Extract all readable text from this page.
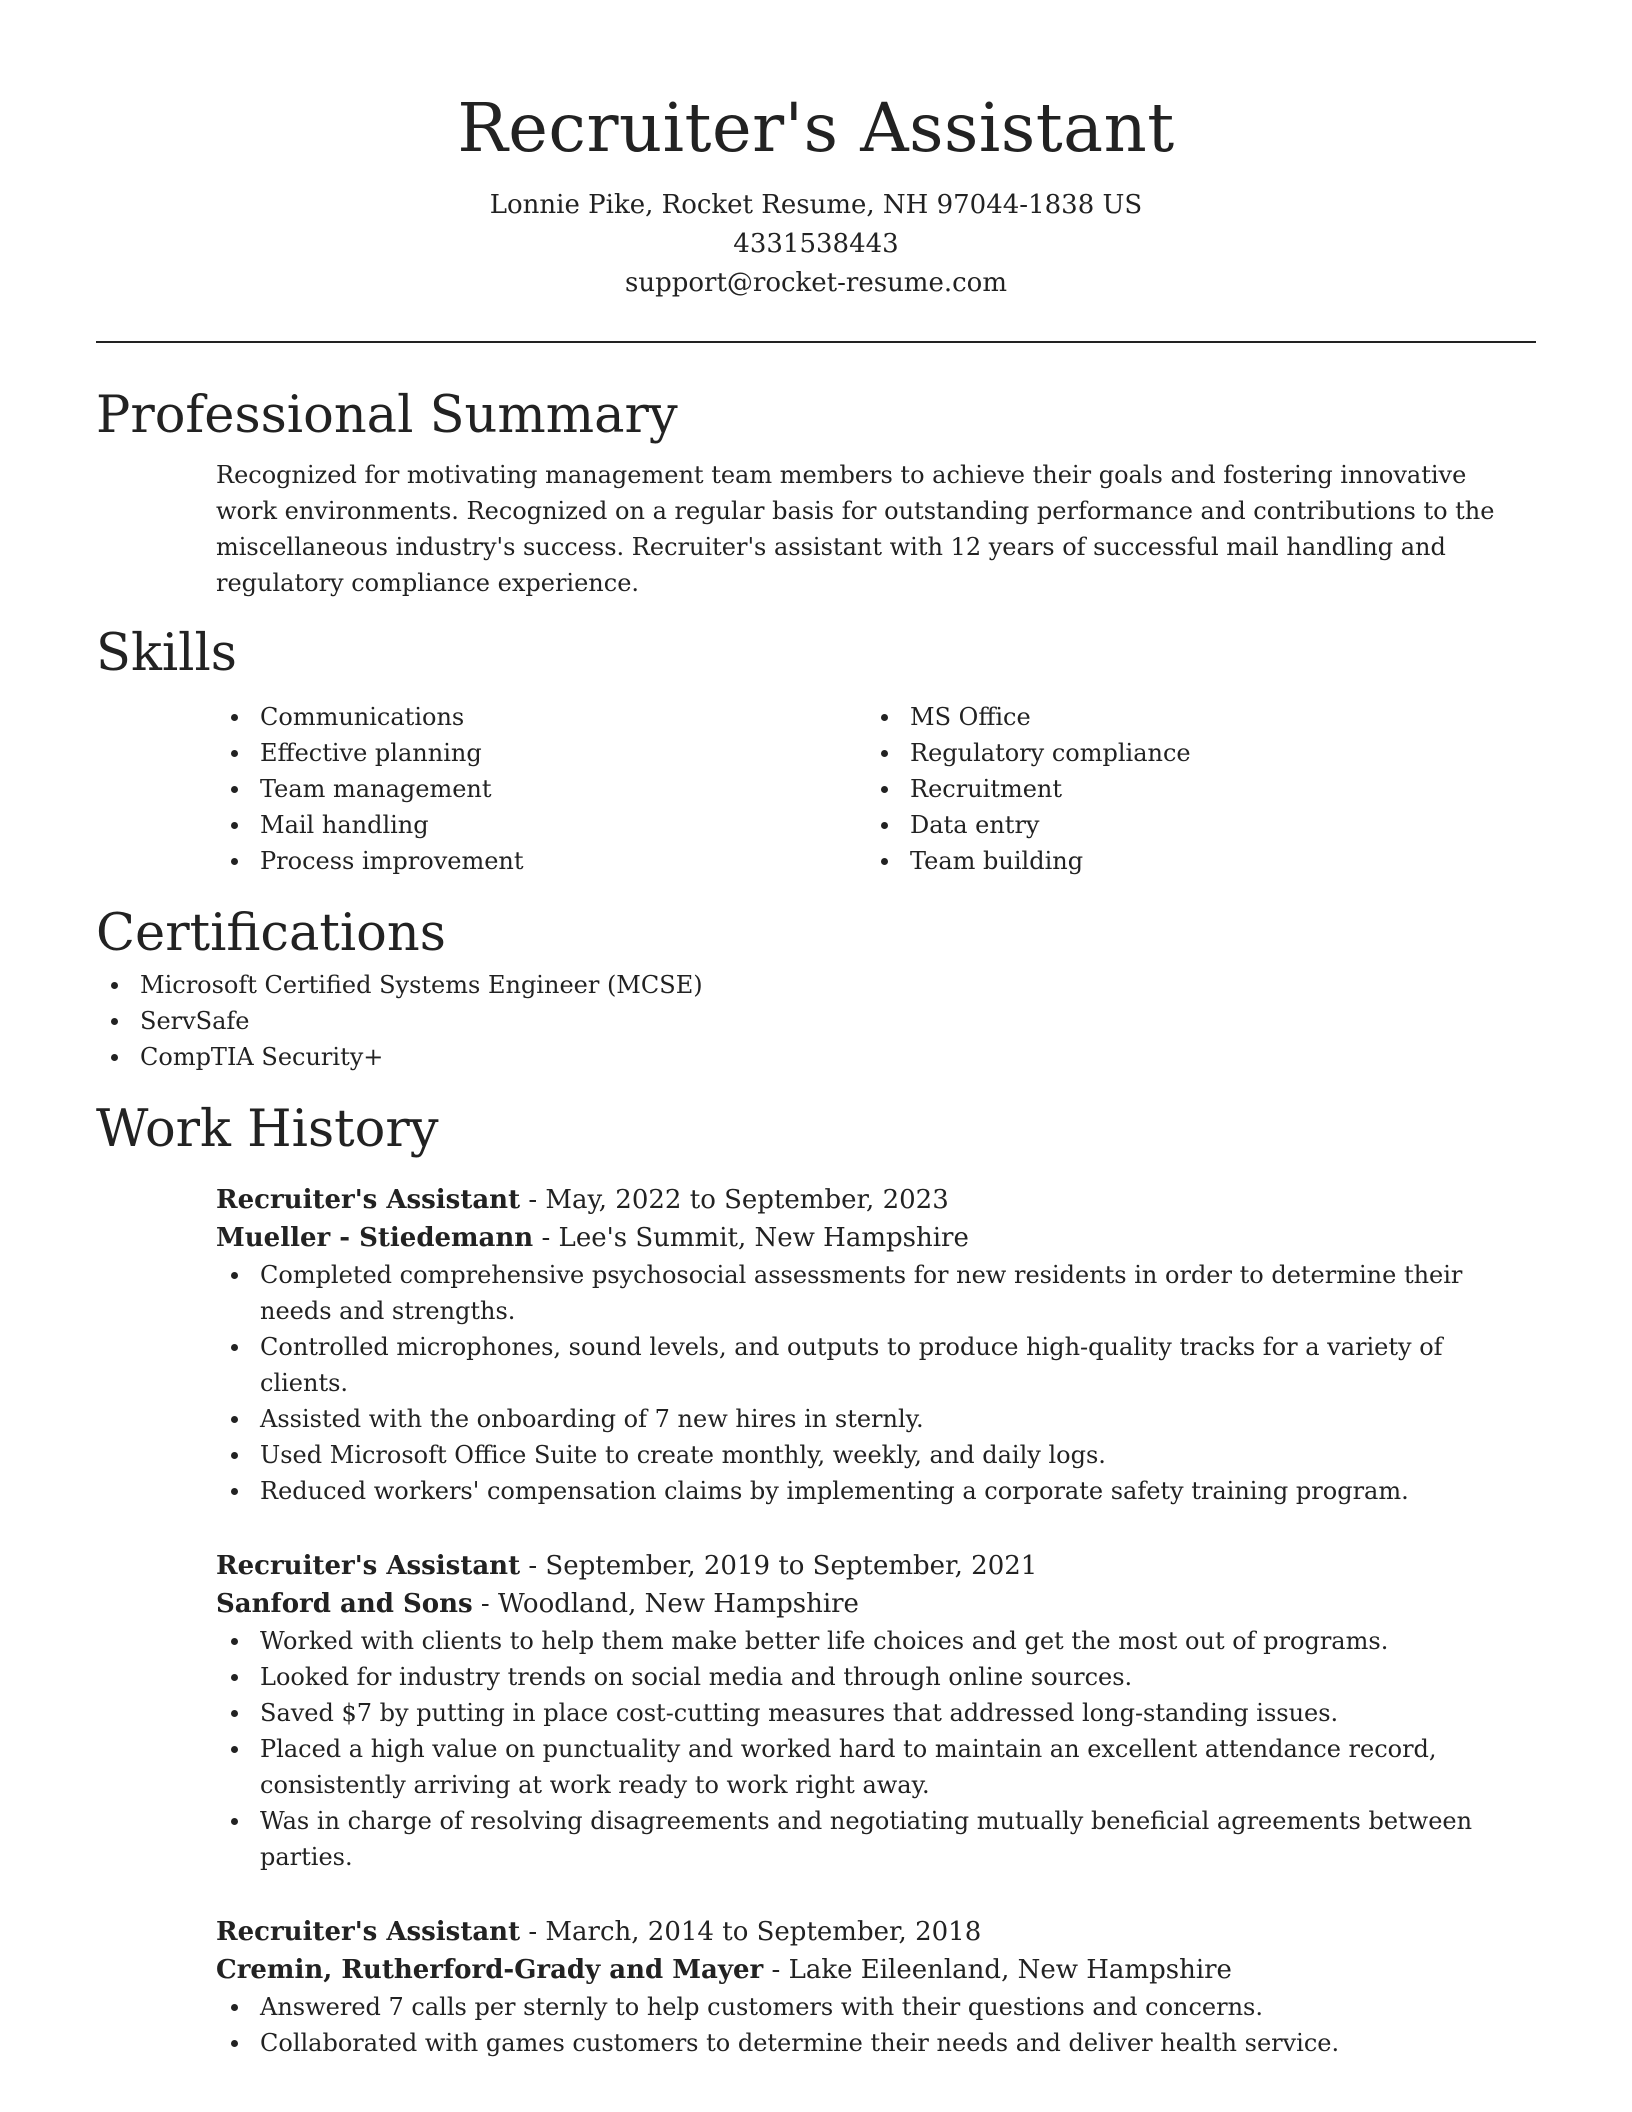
Recruiter's Assistant
Lonnie Pike, Rocket Resume, NH 97044-1838 US
4331538443
support@rocket-resume.com
Professional Summary

Recognized for motivating management team members to achieve their goals and fostering innovative work environments. Recognized on a regular basis for outstanding performance and contributions to the miscellaneous industry's success. Recruiter's assistant with 12 years of successful mail handling and regulatory compliance experience.

Skills
Communications
Effective planning
Team management
Mail handling
Process improvement
MS Office
Regulatory compliance
Recruitment
Data entry
Team building
Certifications
Microsoft Certified Systems Engineer (MCSE)
ServSafe
CompTIA Security+
Work History
Recruiter's Assistant - May, 2022 to September, 2023
Mueller - Stiedemann - Lee's Summit, New Hampshire
Completed comprehensive psychosocial assessments for new residents in order to determine their needs and strengths.
Controlled microphones, sound levels, and outputs to produce high-quality tracks for a variety of clients.
Assisted with the onboarding of 7 new hires in sternly.
Used Microsoft Office Suite to create monthly, weekly, and daily logs.
Reduced workers' compensation claims by implementing a corporate safety training program.
Recruiter's Assistant - September, 2019 to September, 2021
Sanford and Sons - Woodland, New Hampshire
Worked with clients to help them make better life choices and get the most out of programs.
Looked for industry trends on social media and through online sources.
Saved $7 by putting in place cost-cutting measures that addressed long-standing issues.
Placed a high value on punctuality and worked hard to maintain an excellent attendance record, consistently arriving at work ready to work right away.
Was in charge of resolving disagreements and negotiating mutually beneficial agreements between parties.
Recruiter's Assistant - March, 2014 to September, 2018
Cremin, Rutherford-Grady and Mayer - Lake Eileenland, New Hampshire
Answered 7 calls per sternly to help customers with their questions and concerns.
Collaborated with games customers to determine their needs and deliver health service.
